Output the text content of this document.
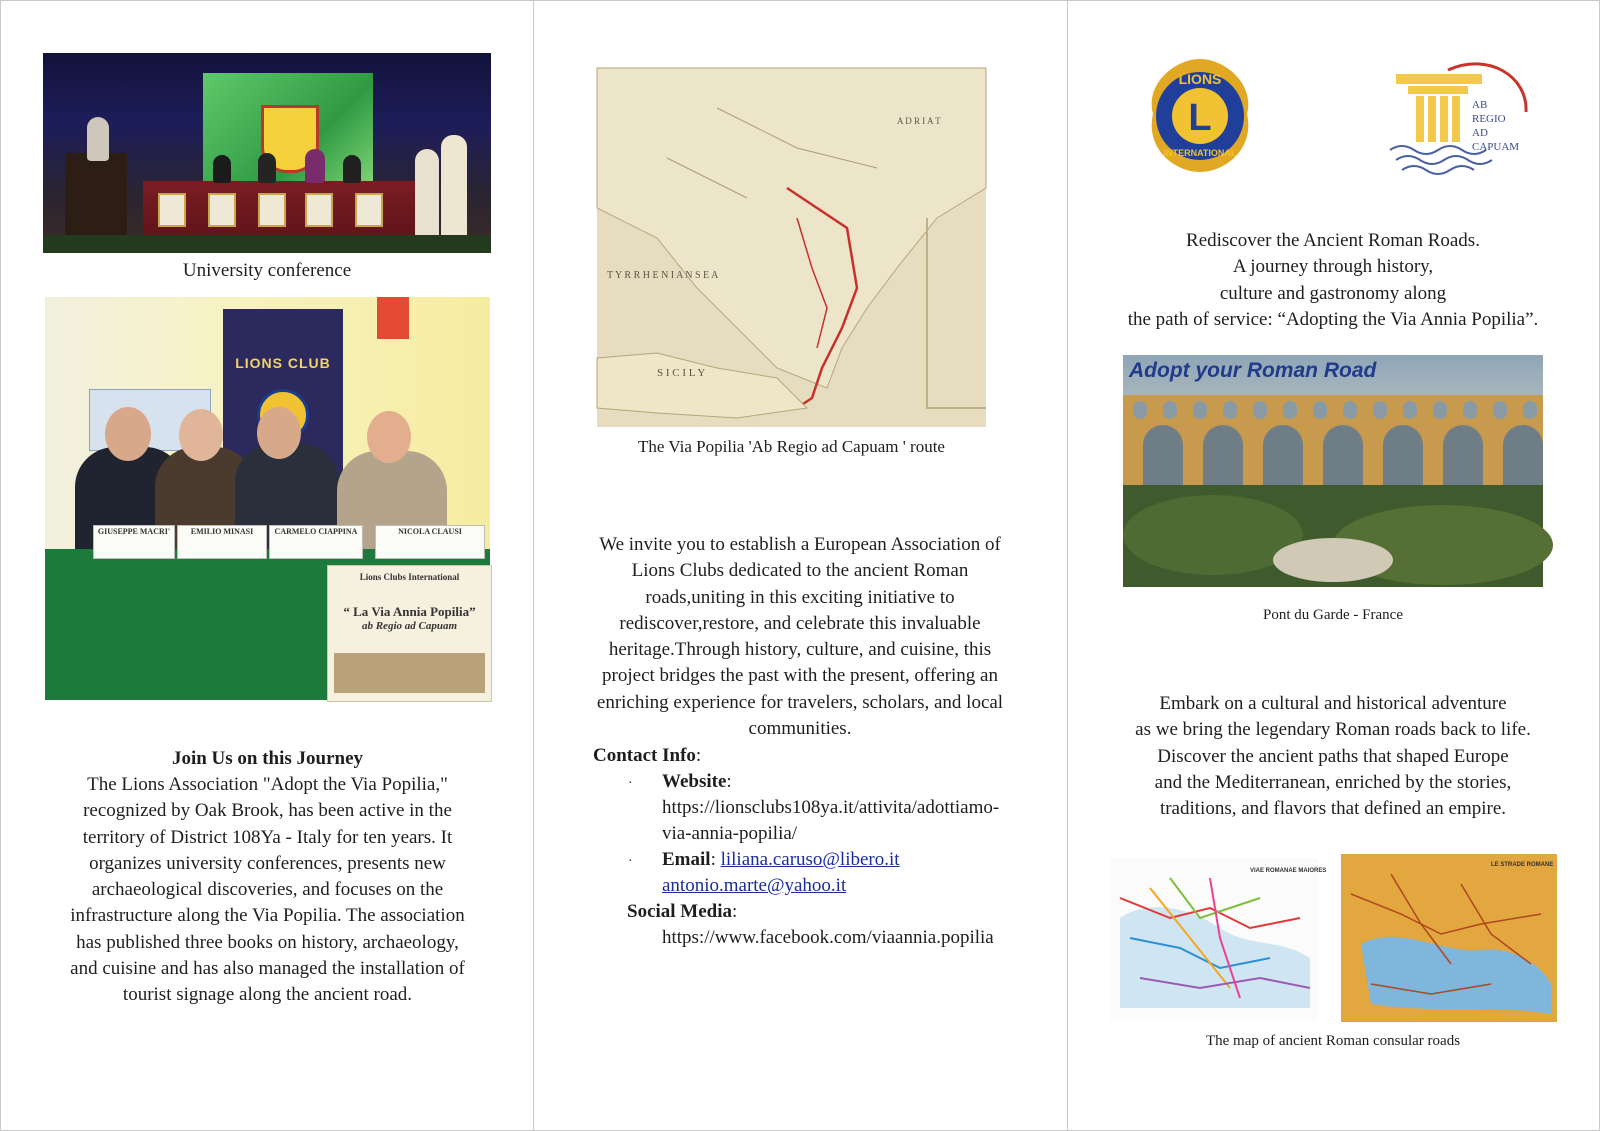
University conference
LIONS CLUB
GIUSEPPE MACRI'	EMILIO MINASI	CARMELO CIAPPINA	NICOLA CLAUSI
Lions Clubs International
“ La Via Annia Popilia”
ab Regio ad Capuam
Join Us on this Journey
The Lions Association "Adopt the Via Popilia,"
recognized by Oak Brook, has been active in the
territory of District 108Ya - Italy for ten years. It
organizes university conferences, presents new
archaeological discoveries, and focuses on the
infrastructure along the Via Popilia. The association
has published three books on history, archaeology,
and cuisine and has also managed the installation of
tourist signage along the ancient road.
T Y R R H E N I A N S E A
S I C I L Y
A D R I A T
The Via Popilia 'Ab Regio ad Capuam ' route
We invite you to establish a European Association of
Lions Clubs dedicated to the ancient Roman
roads,uniting in this exciting initiative to
rediscover,restore, and celebrate this invaluable
heritage.Through history, culture, and cuisine, this
project bridges the past with the present, offering an
enriching experience for travelers, scholars, and local
communities.
Contact Info:
· Website:
https://lionsclubs108ya.it/attivita/adottiamo-
via-annia-popilia/
· Email: liliana.caruso@libero.it
antonio.marte@yahoo.it
Social Media:
https://www.facebook.com/viaannia.popilia
L
LIONS
INTERNATIONAL
AB
REGIO
AD
CAPUAM
Rediscover the Ancient Roman Roads.
A journey through history,
culture and gastronomy along
the path of service: “Adopting the Via Annia Popilia”.
Adopt your Roman Road
Pont du Garde - France
Embark on a cultural and historical adventure
as we bring the legendary Roman roads back to life.
Discover the ancient paths that shaped Europe
and the Mediterranean, enriched by the stories,
traditions, and flavors that defined an empire.
VIAE ROMANAE MAIORES
LE STRADE ROMANE
The map of ancient Roman consular roads
